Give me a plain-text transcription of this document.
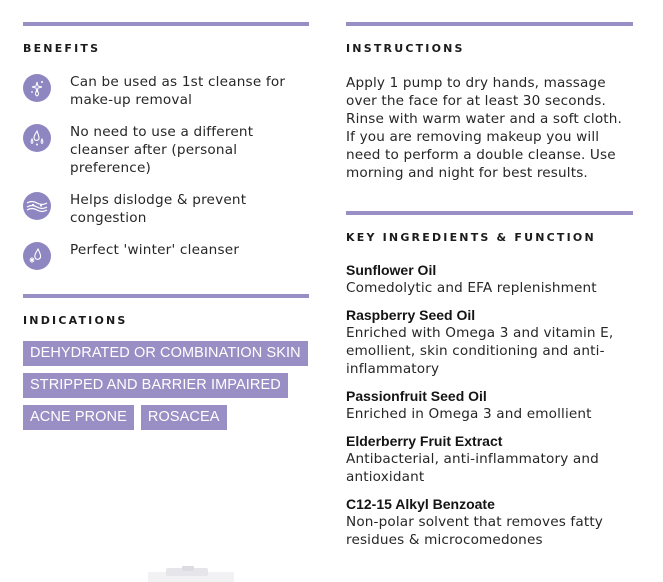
BENEFITS
Can be used as 1st cleanse for make-up removal
No need to use a different cleanser after (personal preference)
Helps dislodge & prevent congestion
Perfect 'winter' cleanser
INDICATIONS
DEHYDRATED OR COMBINATION SKIN
STRIPPED AND BARRIER IMPAIRED
ACNE PRONE	ROSACEA
INSTRUCTIONS
Apply 1 pump to dry hands, massage over the face for at least 30 seconds. Rinse with warm water and a soft cloth. If you are removing makeup you will need to perform a double cleanse. Use morning and night for best results.
KEY INGREDIENTS & FUNCTION
Sunflower Oil
Comedolytic and EFA replenishment
Raspberry Seed Oil
Enriched with Omega 3 and vitamin E, emollient, skin conditioning and anti-inflammatory
Passionfruit Seed Oil
Enriched in Omega 3 and emollient
Elderberry Fruit Extract
Antibacterial, anti-inflammatory and antioxidant
C12-15 Alkyl Benzoate
Non-polar solvent that removes fatty residues & microcomedones
